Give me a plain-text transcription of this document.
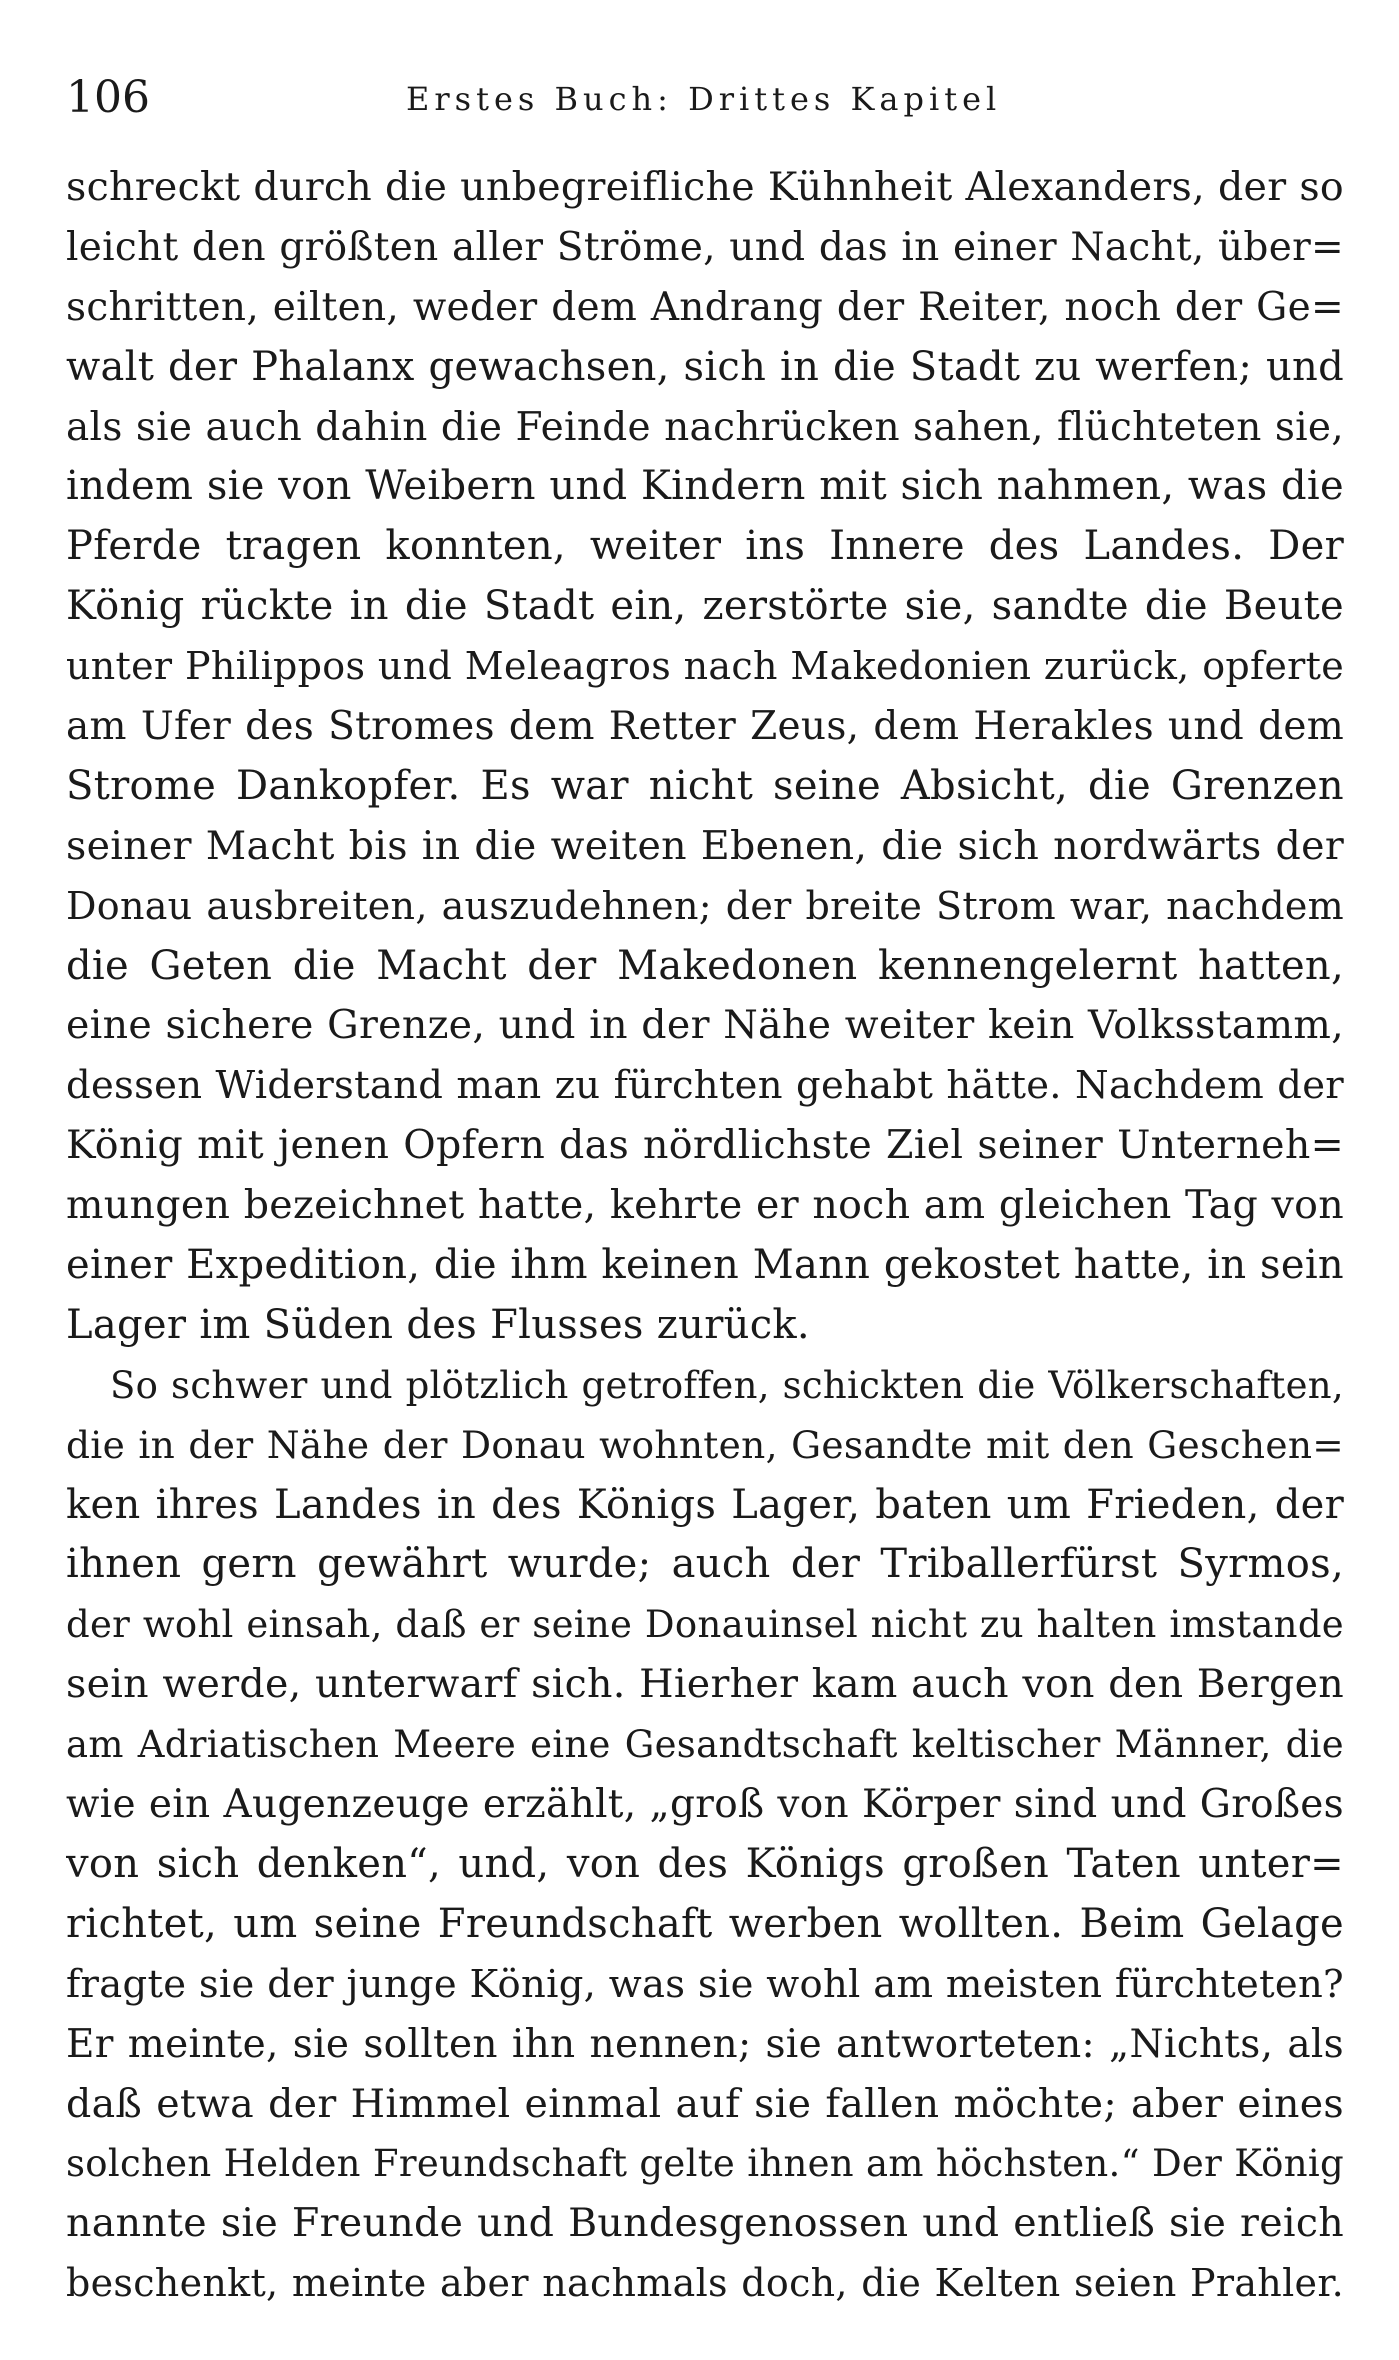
106	Erstes Buch: Drittes Kapitel
schreckt durch die unbegreifliche Kühnheit Alexanders, der so
leicht den größten aller Ströme, und das in einer Nacht, über=
schritten, eilten, weder dem Andrang der Reiter, noch der Ge=
walt der Phalanx gewachsen, sich in die Stadt zu werfen; und
als sie auch dahin die Feinde nachrücken sahen, flüchteten sie,
indem sie von Weibern und Kindern mit sich nahmen, was die
Pferde tragen konnten, weiter ins Innere des Landes. Der
König rückte in die Stadt ein, zerstörte sie, sandte die Beute
unter Philippos und Meleagros nach Makedonien zurück, opferte
am Ufer des Stromes dem Retter Zeus, dem Herakles und dem
Strome Dankopfer. Es war nicht seine Absicht, die Grenzen
seiner Macht bis in die weiten Ebenen, die sich nordwärts der
Donau ausbreiten, auszudehnen; der breite Strom war, nachdem
die Geten die Macht der Makedonen kennengelernt hatten,
eine sichere Grenze, und in der Nähe weiter kein Volksstamm,
dessen Widerstand man zu fürchten gehabt hätte. Nachdem der
König mit jenen Opfern das nördlichste Ziel seiner Unterneh=
mungen bezeichnet hatte, kehrte er noch am gleichen Tag von
einer Expedition, die ihm keinen Mann gekostet hatte, in sein
Lager im Süden des Flusses zurück.
So schwer und plötzlich getroffen, schickten die Völkerschaften,
die in der Nähe der Donau wohnten, Gesandte mit den Geschen=
ken ihres Landes in des Königs Lager, baten um Frieden, der
ihnen gern gewährt wurde; auch der Triballerfürst Syrmos,
der wohl einsah, daß er seine Donauinsel nicht zu halten imstande
sein werde, unterwarf sich. Hierher kam auch von den Bergen
am Adriatischen Meere eine Gesandtschaft keltischer Männer, die
wie ein Augenzeuge erzählt, „groß von Körper sind und Großes
von sich denken“, und, von des Königs großen Taten unter=
richtet, um seine Freundschaft werben wollten. Beim Gelage
fragte sie der junge König, was sie wohl am meisten fürchteten?
Er meinte, sie sollten ihn nennen; sie antworteten: „Nichts, als
daß etwa der Himmel einmal auf sie fallen möchte; aber eines
solchen Helden Freundschaft gelte ihnen am höchsten.“ Der König
nannte sie Freunde und Bundesgenossen und entließ sie reich
beschenkt, meinte aber nachmals doch, die Kelten seien Prahler.
